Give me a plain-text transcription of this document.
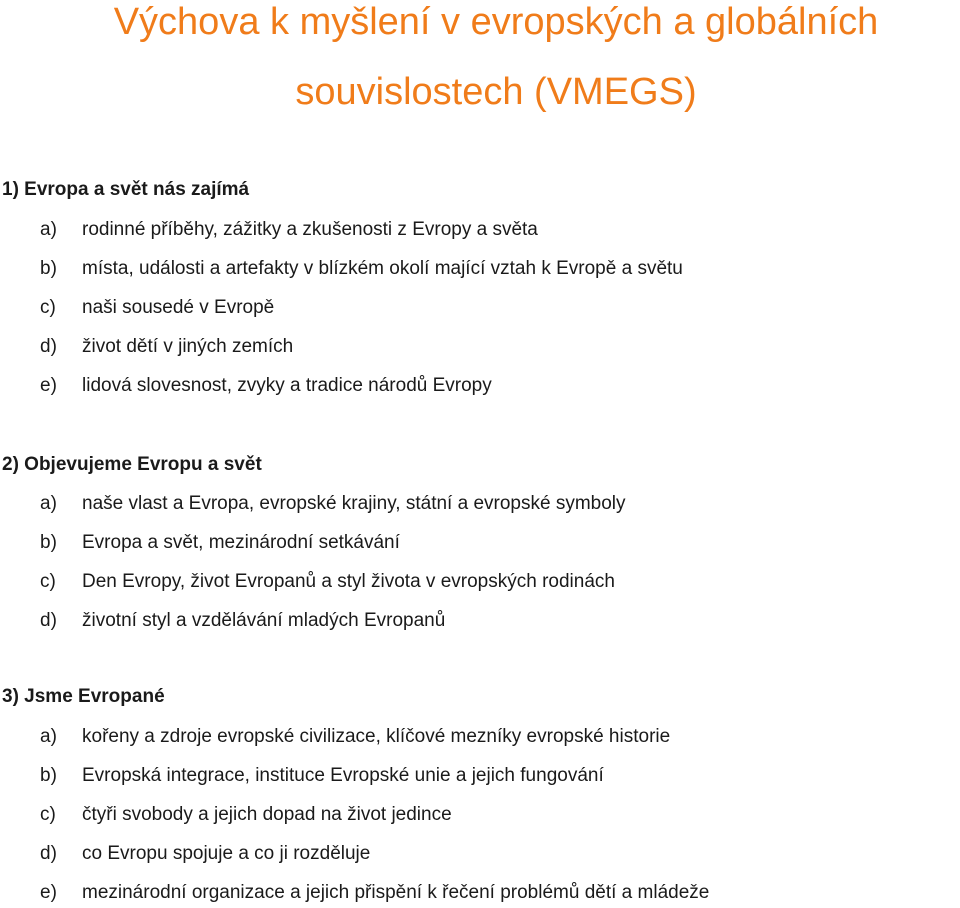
Výchova k myšlení v evropských a globálních
souvislostech (VMEGS)
1) Evropa a svět nás zajímá
a) rodinné příběhy, zážitky a zkušenosti z Evropy a světa
b) místa, události a artefakty v blízkém okolí mající vztah k Evropě a světu
c) naši sousedé v Evropě
d) život dětí v jiných zemích
e) lidová slovesnost, zvyky a tradice národů Evropy
2) Objevujeme Evropu a svět
a) naše vlast a Evropa, evropské krajiny, státní a evropské symboly
b) Evropa a svět, mezinárodní setkávání
c) Den Evropy, život Evropanů a styl života v evropských rodinách
d) životní styl a vzdělávání mladých Evropanů
3) Jsme Evropané
a) kořeny a zdroje evropské civilizace, klíčové mezníky evropské historie
b) Evropská integrace, instituce Evropské unie a jejich fungování
c) čtyři svobody a jejich dopad na život jedince
d) co Evropu spojuje a co ji rozděluje
e) mezinárodní organizace a jejich přispění k řečení problémů dětí a mládeže
